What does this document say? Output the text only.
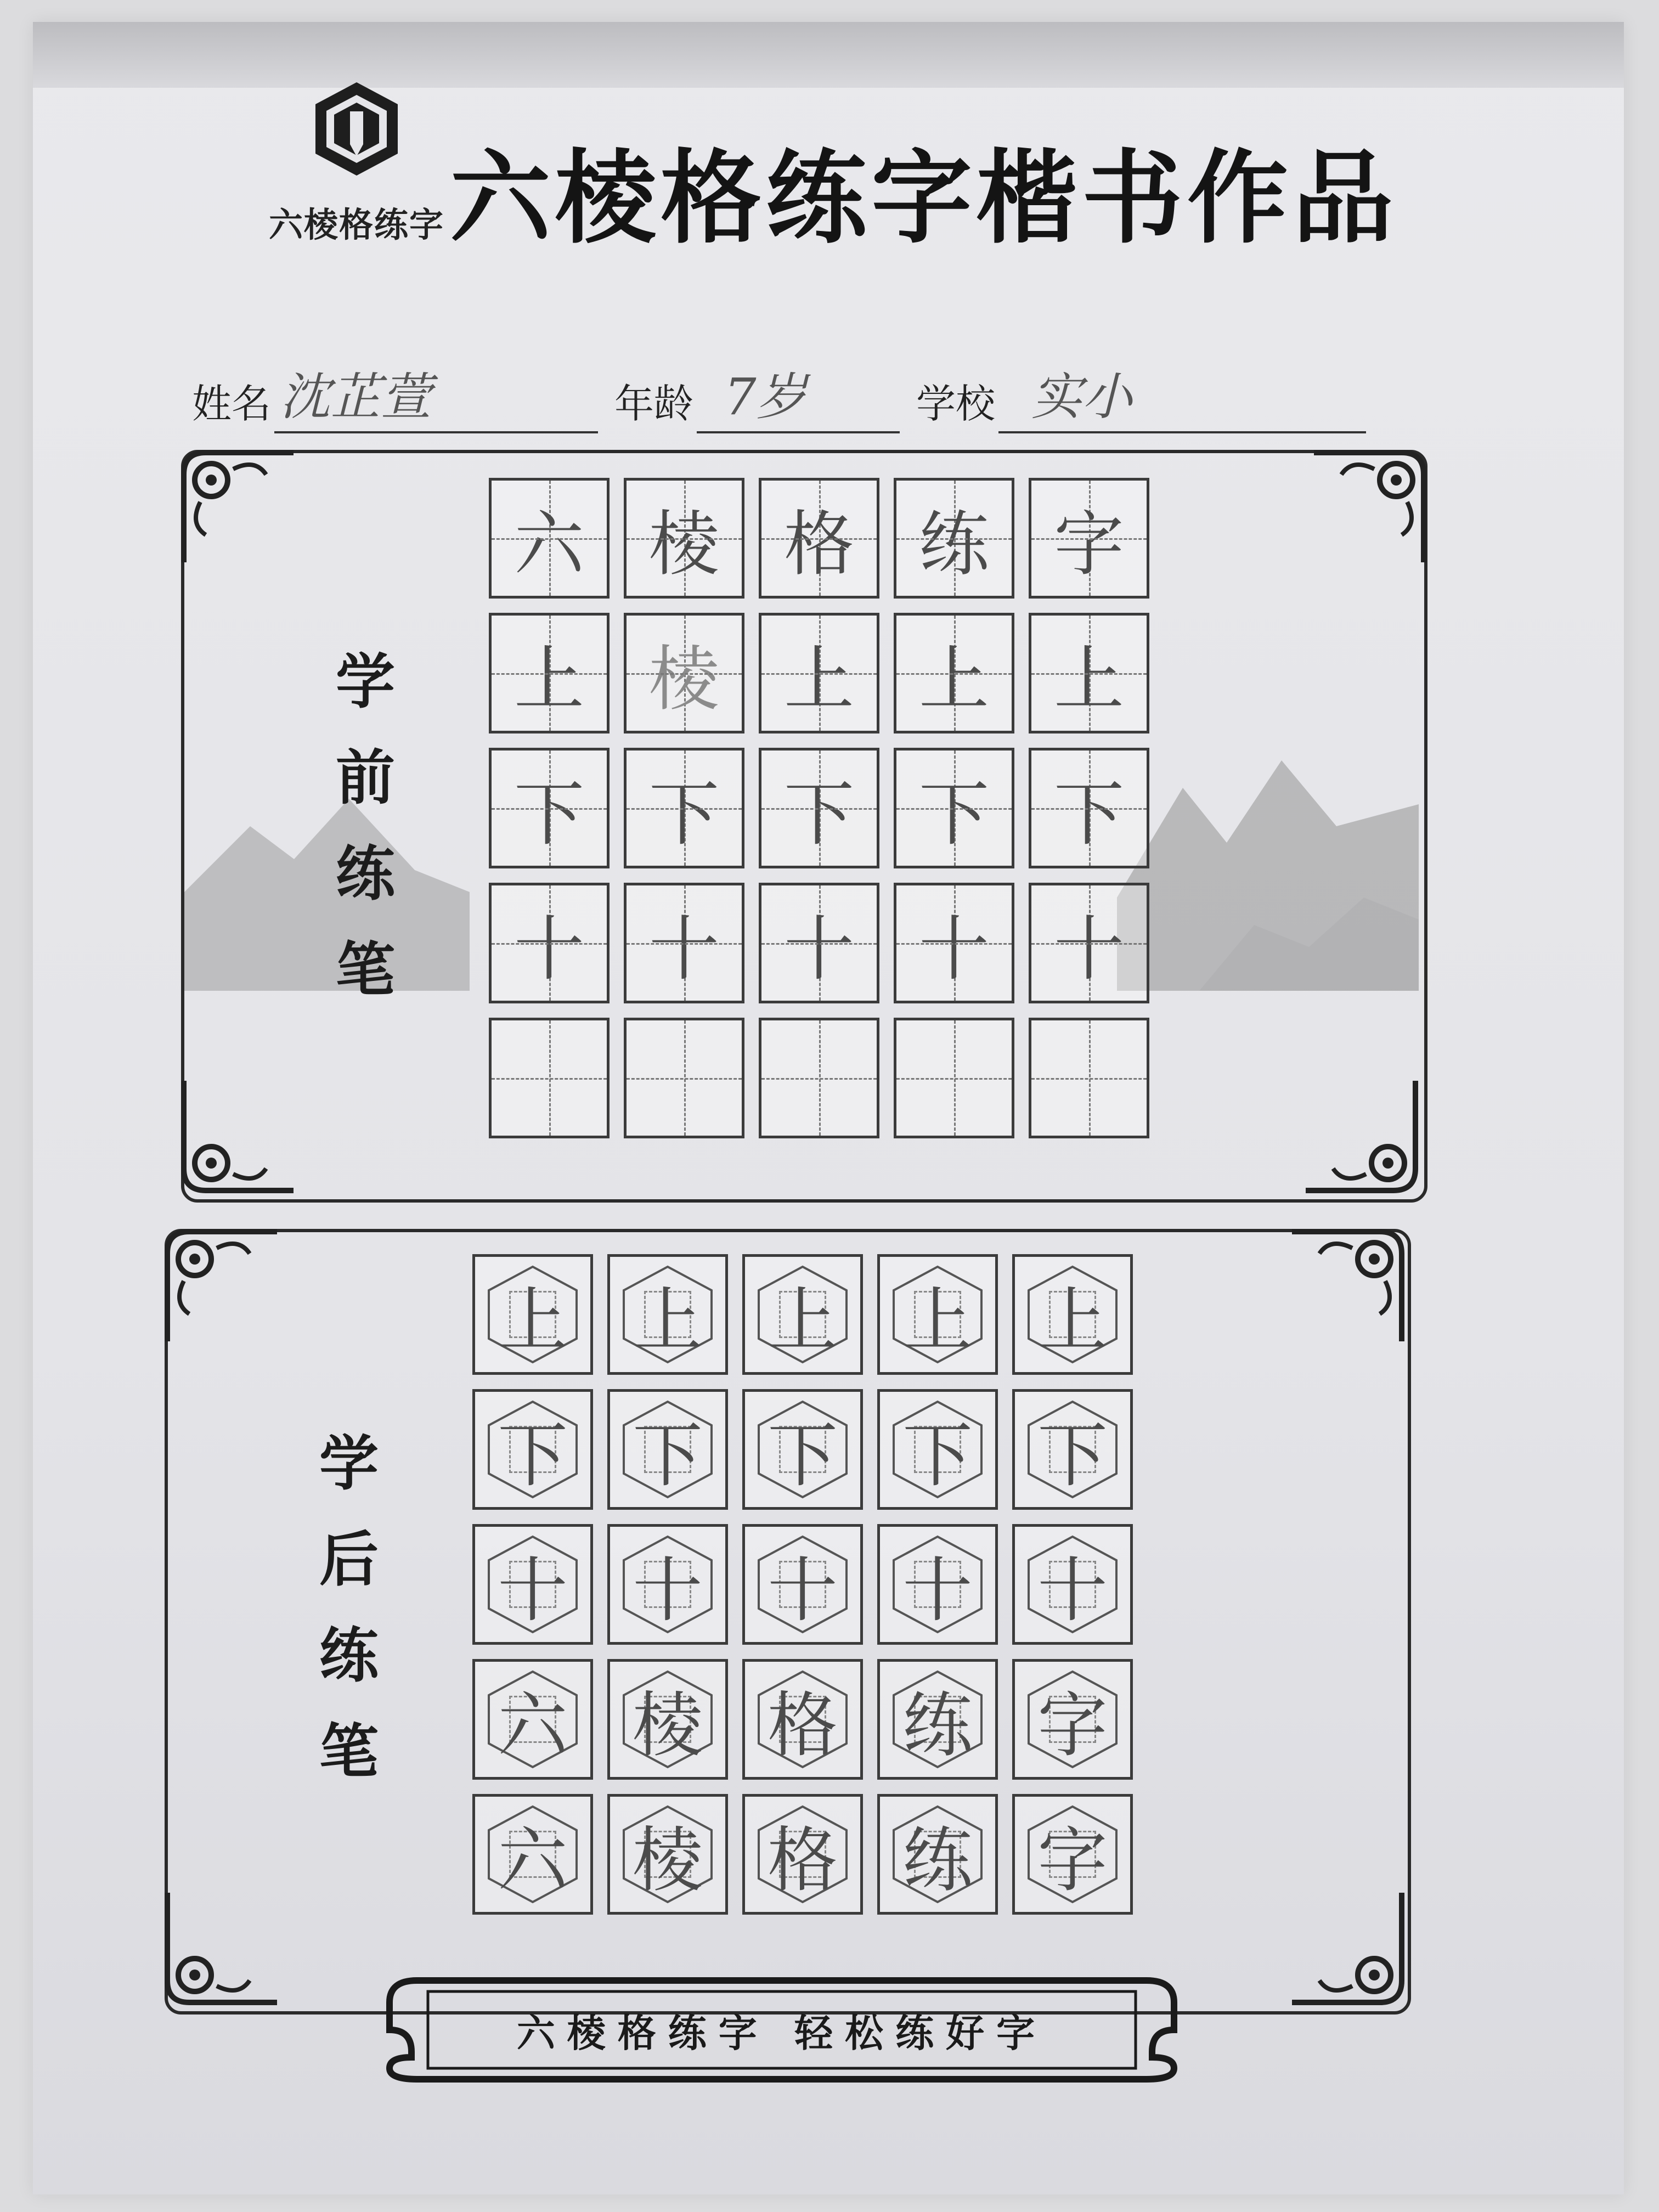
六棱格练字 六棱格练字楷书作品
姓名 沈芷萱	年龄 7岁	学校 实小
学
前
练
笔
六 棱 格 练 字
上 棱 上 上 上
下 下 下 下 下
十 十 十 十 十
学
后
练
笔
上 上 上 上 上
下 下 下 下 下
十 十 十 十 十
六 棱 格 练 字
六 棱 格 练 字
六棱格练字 轻松练好字
